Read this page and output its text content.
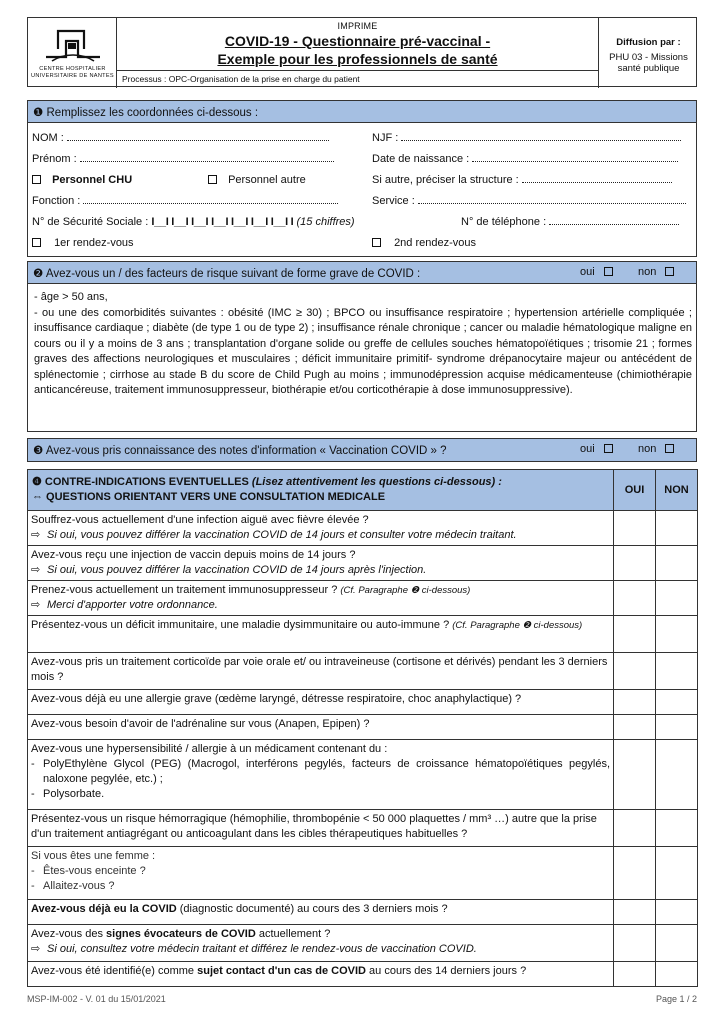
CENTRE HOSPITALIER
UNIVERSITAIRE DE NANTES
IMPRIME
COVID-19 - Questionnaire pré-vaccinal -
Exemple pour les professionnels de santé
Processus : OPC-Organisation de la prise en charge du patient
Diffusion par :
PHU 03 - Missions santé publique
❶ Remplissez les coordonnées ci-dessous :
NOM :	NJF :
Prénom :	Date de naissance :
Personnel CHU	Personnel autre	Si autre, préciser la structure :
Fonction :	Service :
N° de Sécurité Sociale : I__I I__I I__I I__I I__I I__I I__I I (15 chiffres)	N° de téléphone :
1er rendez-vous	2nd rendez-vous
❷ Avez-vous un / des facteurs de risque suivant de forme grave de COVID :	oui	non
- âge > 50 ans,
- ou une des comorbidités suivantes : obésité (IMC ≥ 30) ; BPCO ou insuffisance respiratoire ; hypertension artérielle compliquée ; insuffisance cardiaque ; diabète (de type 1 ou de type 2) ; insuffisance rénale chronique ; cancer ou maladie hématologique maligne en cours ou il y a moins de 3 ans ; transplantation d'organe solide ou greffe de cellules souches hématopoïétiques ; trisomie 21 ; formes graves des affections neurologiques et musculaires ; déficit immunitaire primitif- syndrome drépanocytaire majeur ou antécédent de splénectomie ; cirrhose au stade B du score de Child Pugh au moins ; immunodépression acquise médicamenteuse (chimiothérapie anticancéreuse, traitement immunosuppresseur, biothérapie et/ou corticothérapie à dose immunosuppressive).
❸ Avez-vous pris connaissance des notes d'information « Vaccination COVID » ?	oui	non
❹ CONTRE-INDICATIONS EVENTUELLES (Lisez attentivement les questions ci-dessous) :
⇔ QUESTIONS ORIENTANT VERS UNE CONSULTATION MEDICALE	OUI	NON

Souffrez-vous actuellement d'une infection aiguë avec fièvre élevée ?
⇨ Si oui, vous pouvez différer la vaccination COVID de 14 jours et consulter votre médecin traitant.		

Avez-vous reçu une injection de vaccin depuis moins de 14 jours ?
⇨ Si oui, vous pouvez différer la vaccination COVID de 14 jours après l'injection.		

Prenez-vous actuellement un traitement immunosuppresseur ? (Cf. Paragraphe ❷ ci-dessous)
⇨ Merci d'apporter votre ordonnance.		

Présentez-vous un déficit immunitaire, une maladie dysimmunitaire ou auto-immune ? (Cf. Paragraphe ❷ ci-dessous)		
Avez-vous pris un traitement corticoïde par voie orale et/ ou intraveineuse (cortisone et dérivés) pendant les 3 derniers mois ?		
Avez-vous déjà eu une allergie grave (œdème laryngé, détresse respiratoire, choc anaphylactique) ?		
Avez-vous besoin d'avoir de l'adrénaline sur vous (Anapen, Epipen) ?		

Avez-vous une hypersensibilité / allergie à un médicament contenant du :
- PolyEthylène Glycol (PEG) (Macrogol, interférons pegylés, facteurs de croissance hématopoïétiques pegylés, naloxone pegylée, etc.) ;
- Polysorbate.		

Présentez-vous un risque hémorragique (hémophilie, thrombopénie < 50 000 plaquettes / mm³ …) autre que la prise d'un traitement antiagrégant ou anticoagulant dans les cibles thérapeutiques habituelles ?		

Si vous êtes une femme :
- Êtes-vous enceinte ?
- Allaitez-vous ?		

Avez-vous déjà eu la COVID (diagnostic documenté) au cours des 3 derniers mois ?		

Avez-vous des signes évocateurs de COVID actuellement ?
⇨ Si oui, consultez votre médecin traitant et différez le rendez-vous de vaccination COVID.		

Avez-vous été identifié(e) comme sujet contact d'un cas de COVID au cours des 14 derniers jours ?		
MSP-IM-002 - V. 01 du 15/01/2021	Page 1 / 2
